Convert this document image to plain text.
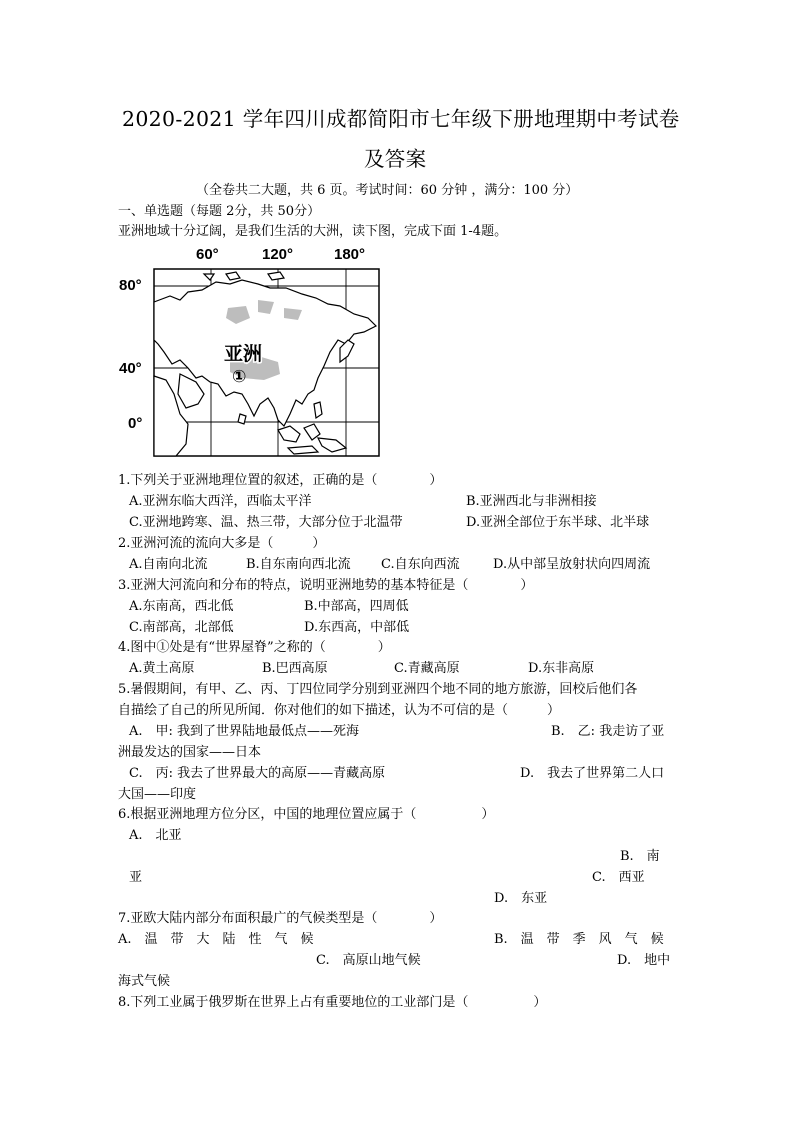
2020-2021 学年四川成都简阳市七年级下册地理期中考试卷
及答案
（全卷共二大题，共 6 页。考试时间：60 分钟 ，满分：100 分）
一、单选题（每题 2分，共 50分）
亚洲地域十分辽阔，是我们生活的大洲，读下图，完成下面 1-4题。
60°	120°	180°
80°
40°
0°
亚洲
①
1.下列关于亚洲地理位置的叙述，正确的是（　　　　）
A.亚洲东临大西洋，西临太平洋	B.亚洲西北与非洲相接
C.亚洲地跨寒、温、热三带，大部分位于北温带	D.亚洲全部位于东半球、北半球
2.亚洲河流的流向大多是（　　　）
A.自南向北流	B.自东南向西北流 C.自东向西流	D.从中部呈放射状向四周流
3.亚洲大河流向和分布的特点，说明亚洲地势的基本特征是（　　　　）
A.东南高，西北低	B.中部高，四周低
C.南部高，北部低	D.东西高，中部低
4.图中①处是有“世界屋脊”之称的（　　　　）
A.黄土高原	B.巴西高原	C.青藏高原	D.东非高原
5.暑假期间，有甲、乙、丙、丁四位同学分别到亚洲四个地不同的地方旅游，回校后他们各
自描绘了自己的所见所闻．你对他们的如下描述，认为不可信的是（　　　）
A.　甲: 我到了世界陆地最低点——死海	B.　乙: 我走访了亚
洲最发达的国家——日本
C.　丙: 我去了世界最大的高原——青藏高原	D.　我去了世界第二人口
大国——印度
6.根据亚洲地理方位分区，中国的地理位置应属于（　　　　　）
A.　北亚
B.　南
亚	C.　西亚
D.　东亚
7.亚欧大陆内部分布面积最广的气候类型是（　　　　）
A.　温　带　大　陆　性　气　候	B.　温　带　季　风　气　候
C.　高原山地气候	D.　地中
海式气候
8.下列工业属于俄罗斯在世界上占有重要地位的工业部门是（　　　　　）
